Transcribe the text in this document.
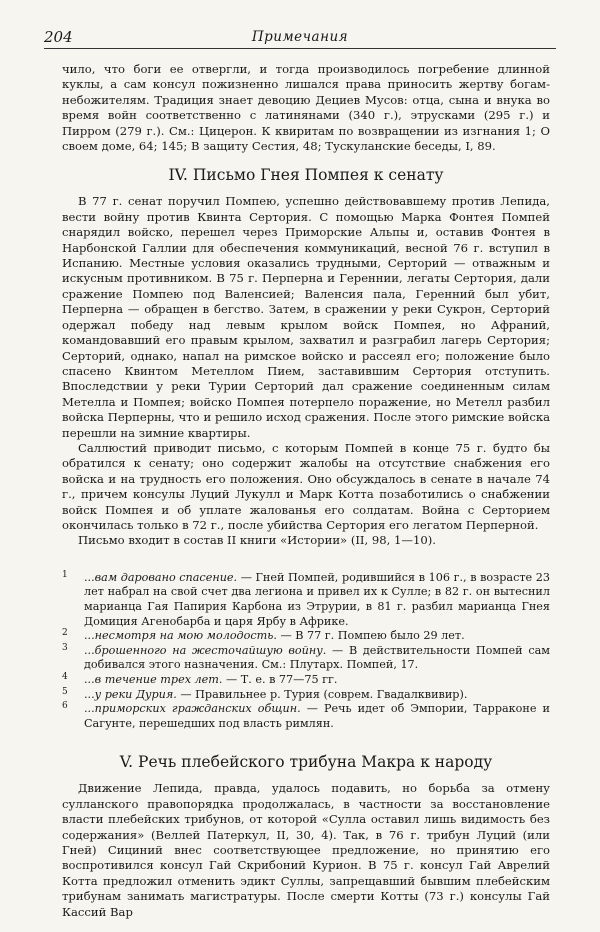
204	Примечания

чило, что боги ее отвергли, и тогда производилось погребение длинной куклы, а сам консул пожизненно лишался права приносить жертву богам-небожителям. Традиция знает девоцию Дециев Мусов: отца, сына и внука во время войн соответственно с латинянами (340 г.), этрусками (295 г.) и Пирром (279 г.). См.: Цицерон. К квиритам по возвращении из изгнания 1; О своем доме, 64; 145; В защиту Сестия, 48; Тускуланские беседы, I, 89.

IV. Письмо Гнея Помпея к сенату

В 77 г. сенат поручил Помпею, успешно действовавшему против Лепида, вести войну против Квинта Сертория. С помощью Марка Фонтея Помпей снарядил войско, перешел через Приморские Альпы и, оставив Фонтея в Нарбонской Галлии для обеспечения коммуникаций, весной 76 г. вступил в Испанию. Местные условия оказались трудными, Серторий — отважным и искусным противником. В 75 г. Перперна и Гереннии, легаты Сертория, дали сражение Помпею под Валенсией; Валенсия пала, Геренний был убит, Перперна — обращен в бегство. Затем, в сражении у реки Сукрон, Серторий одержал победу над левым крылом войск Помпея, но Афраний, командовавший его правым крылом, захватил и разграбил лагерь Сертория; Серторий, однако, напал на римское войско и рассеял его; положение было спасено Квинтом Метеллом Пием, заставившим Сертория отступить. Впоследствии у реки Турии Серторий дал сражение соединенным силам Метелла и Помпея; войско Помпея потерпело поражение, но Метелл разбил войска Перперны, что и решило исход сражения. После этого римские войска перешли на зимние квартиры.

Саллюстий приводит письмо, с которым Помпей в конце 75 г. будто бы обратился к сенату; оно содержит жалобы на отсутствие снабжения его войска и на трудность его положения. Оно обсуждалось в сенате в начале 74 г., причем консулы Луций Лукулл и Марк Котта позаботились о снабжении войск Помпея и об уплате жалованья его солдатам. Война с Серторием окончилась только в 72 г., после убийства Сертория его легатом Перперной.

Письмо входит в состав II книги «Истории» (II, 98, 1—10).

1 ...вам даровано спасение. — Гней Помпей, родившийся в 106 г., в возрасте 23 лет набрал на свой счет два легиона и привел их к Сулле; в 82 г. он вытеснил марианца Гая Папирия Карбона из Этрурии, в 81 г. разбил марианца Гнея Домиция Агенобарба и царя Ярбу в Африке.
2 ...несмотря на мою молодость. — В 77 г. Помпею было 29 лет.
3 ...брошенного на жесточайшую войну. — В действительности Помпей сам добивался этого назначения. См.: Плутарх. Помпей, 17.
4 ...в течение трех лет. — Т. е. в 77—75 гг.
5 ...у реки Дурия. — Правильнее р. Турия (соврем. Гвадалквивир).
6 ...приморских гражданских общин. — Речь идет об Эмпории, Тарраконе и Сагунте, перешедших под власть римлян.
V. Речь плебейского трибуна Макра к народу

Движение Лепида, правда, удалось подавить, но борьба за отмену сулланского правопорядка продолжалась, в частности за восстановление власти плебейских трибунов, от которой «Сулла оставил лишь видимость без содержания» (Веллей Патеркул, II, 30, 4). Так, в 76 г. трибун Луций (или Гней) Сициний внес соответствующее предложение, но принятию его воспротивился консул Гай Скрибоний Курион. В 75 г. консул Гай Аврелий Котта предложил отменить эдикт Суллы, запрещавший бывшим плебейским трибунам занимать магистратуры. После смерти Котты (73 г.) консулы Гай Кассий Вар
